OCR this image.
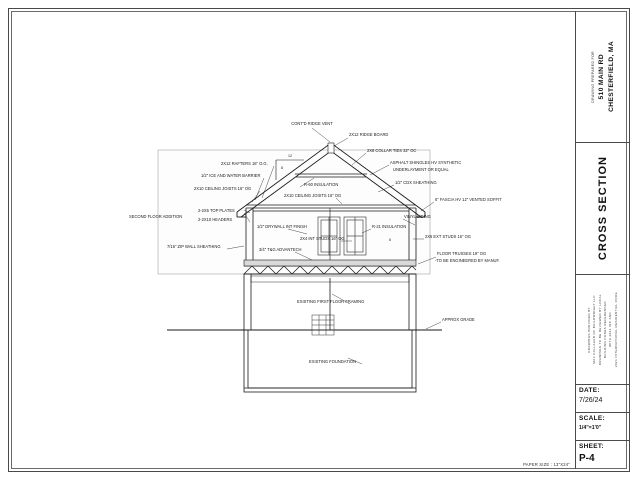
CONT'D RIDGE VENT
2X12 RIDGE BOARD
2X8 COLLAR TIES 32" OC
ASPHALT SHINGLES HV SYNTHETIC
UNDERLAYMENT OR EQUAL
R-60 INSULATION	1/2" CDX SHEATHING
6" FASCIA HV 12" VENTED SOFFIT
2X12 RAFTERS 16" O.G.
1/2" ICE AND WATER BARRIER
2X10 CEILING JOISTS 16" OG
2X10 CEILING JOISTS 16" OG
SECOND FLOOR ADDITION
2-2X6 TOP PLATES
2-2X10 HEADERS
1/2" DRYWALL INT FINISH
2X4 INT STUDS 16" OG
R-21 INSULATION
VINYL SIDING
2X6 EXT STUDS 16" OG
7/16" ZIP WALL SHEATHING
3/4" T&G ADVANTECH
FLOOR TRUSSES 19" OG
-TO BE ENGINEERED BY MANUF.
EXISTING FIRST FLOOR FRAMING
APPROX GRADE
EXISTING FOUNDATION
12
8
6
DRAWING PREPARED FOR 510 MAIN RD CHESTERFIELD, MA
CROSS SECTION
DRAWINGS PROVIDED BY MAX CALLAHAN OF BUILDWRIGHT LLC DRAWINGS TO BE REVIEWED BY LOCAL BUILDING CODES REFERENCED WITH 2021 IRC AND 2021 INTERNATIONAL RESIDENTIAL CODE
DATE:
7/26/24
SCALE:
1/4"=1'0"
SHEET:
P-4
PAPER SIZE : 13"X24"
